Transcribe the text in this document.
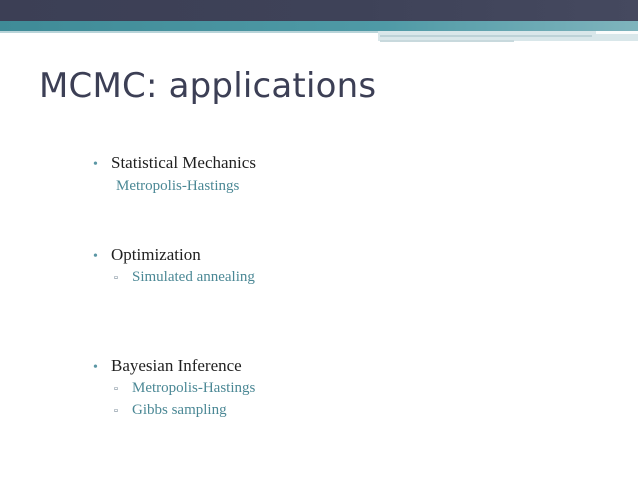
MCMC: applications
• Statistical Mechanics
Metropolis-Hastings
• Optimization
▫ Simulated annealing
• Bayesian Inference
▫ Metropolis-Hastings
▫ Gibbs sampling
